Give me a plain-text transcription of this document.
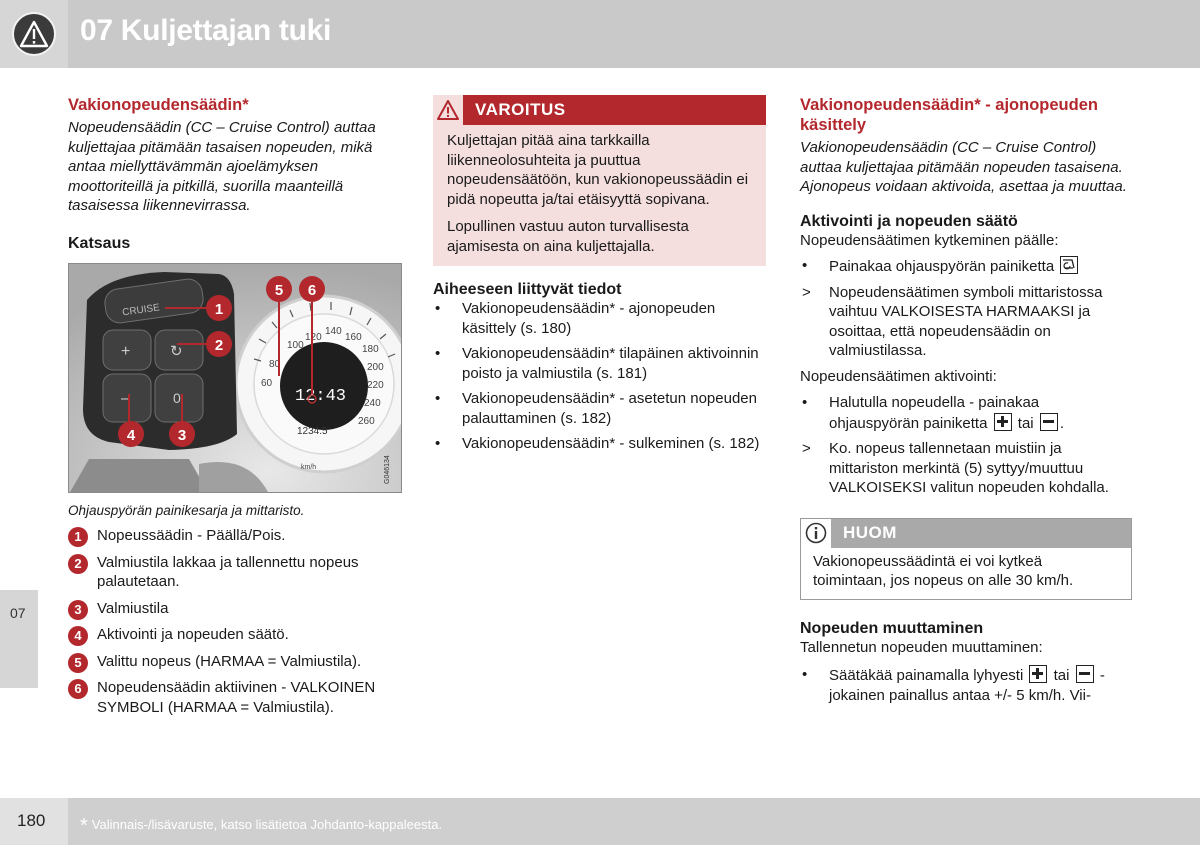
07 Kuljettajan tuki
07
Vakionopeudensäädin*

Nopeudensäädin (CC – Cruise Control) auttaa kuljettajaa pitämään tasaisen nopeuden, mikä antaa miellyttävämmän ajoelämyksen moottoriteillä ja pitkillä, suorilla maanteillä tasaisessa liikennevirrassa.

Katsaus
100
120
140
80
60
160
180
200
220
240
260
12:43
1234.5
km/h
CRUISE
+	↻
–	0
1
2
3
4
5 6
G046134

Ohjauspyörän painikesarja ja mittaristo.

1	Nopeussäädin - Päällä/Pois.
2	Valmiustila lakkaa ja tallennettu nopeus palautetaan.
3	Valmiustila
4	Aktivointi ja nopeuden säätö.
5	Valittu nopeus (HARMAA = Valmiustila).
6	Nopeudensäädin aktiivinen - VALKOINEN SYMBOLI (HARMAA = Valmiustila).
VAROITUS

Kuljettajan pitää aina tarkkailla liikenneolosuhteita ja puuttua nopeudensäätöön, kun vakionopeussäädin ei pidä nopeutta ja/tai etäisyyttä sopivana.

Lopullinen vastuu auton turvallisesta ajamisesta on aina kuljettajalla.

Aiheeseen liittyvät tiedot
• Vakionopeudensäädin* - ajonopeuden käsittely (s. 180)
• Vakionopeudensäädin* tilapäinen aktivoinnin poisto ja valmiustila (s. 181)
• Vakionopeudensäädin* - asetetun nopeuden palauttaminen (s. 182)
• Vakionopeudensäädin* - sulkeminen (s. 182)
Vakionopeudensäädin* - ajonopeuden käsittely

Vakionopeudensäädin (CC – Cruise Control) auttaa kuljettajaa pitämään nopeuden tasaisena. Ajonopeus voidaan aktivoida, asettaa ja muuttaa.

Aktivointi ja nopeuden säätö

Nopeudensäätimen kytkeminen päälle:

• Painakaa ohjauspyörän painiketta
> Nopeudensäätimen symboli mittaristossa vaihtuu VALKOISESTA HARMAAKSI ja osoittaa, että nopeudensäädin on valmiustilassa.

Nopeudensäätimen aktivointi:

• Halutulla nopeudella - painakaa ohjauspyörän painiketta tai .
> Ko. nopeus tallennetaan muistiin ja mittariston merkintä (5) syttyy/muuttuu VALKOISEKSI valitun nopeuden kohdalla.
HUOM

Vakionopeussäädintä ei voi kytkeä toimintaan, jos nopeus on alle 30 km/h.

Nopeuden muuttaminen

Tallennetun nopeuden muuttaminen:

• Säätäkää painamalla lyhyesti tai - jokainen painallus antaa +/- 5 km/h. Vii-
180 * Valinnais-/lisävaruste, katso lisätietoa Johdanto-kappaleesta.
